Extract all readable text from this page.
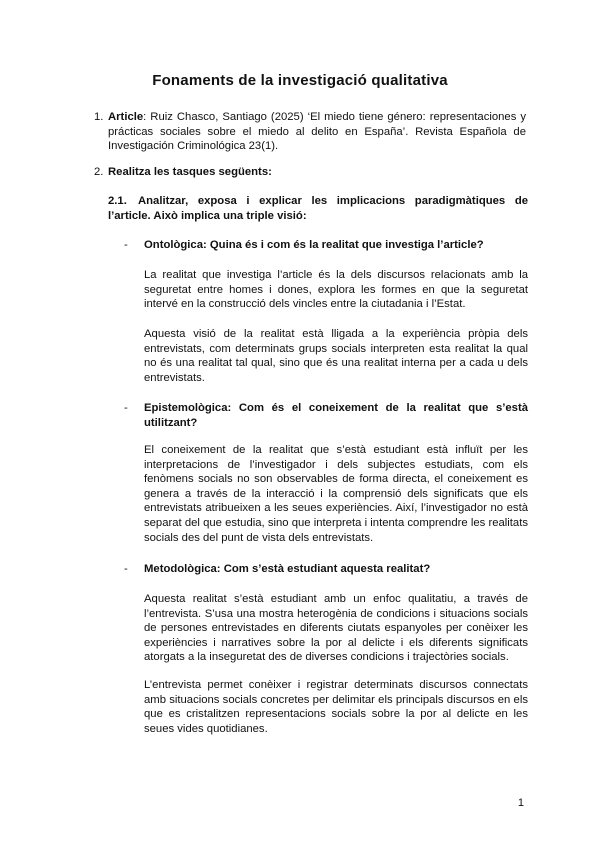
Fonaments de la investigació qualitativa
1. Article: Ruiz Chasco, Santiago (2025) ‘El miedo tiene género: representaciones y prácticas sociales sobre el miedo al delito en España’. Revista Española de Investigación Criminológica 23(1).
2. Realitza les tasques següents:
2.1. Analitzar, exposa i explicar les implicacions paradigmàtiques de l’article. Això implica una triple visió:
- Ontològica: Quina és i com és la realitat que investiga l’article?
La realitat que investiga l’article és la dels discursos relacionats amb la seguretat entre homes i dones, explora les formes en que la seguretat intervé en la construcció dels vincles entre la ciutadania i l’Estat.
Aquesta visió de la realitat està lligada a la experiència pròpia dels entrevistats, com determinats grups socials interpreten esta realitat la qual no és una realitat tal qual, sino que és una realitat interna per a cada u dels entrevistats.
- Epistemològica: Com és el coneixement de la realitat que s’està utilitzant?
El coneixement de la realitat que s’està estudiant està influït per les interpretacions de l’investigador i dels subjectes estudiats, com els fenòmens socials no son observables de forma directa, el coneixement es genera a través de la interacció i la comprensió dels significats que els entrevistats atribueixen a les seues experiències. Així, l’investigador no està separat del que estudia, sino que interpreta i intenta comprendre les realitats socials des del punt de vista dels entrevistats.
- Metodològica: Com s’està estudiant aquesta realitat?
Aquesta realitat s’està estudiant amb un enfoc qualitatiu, a través de l’entrevista. S’usa una mostra heterogènia de condicions i situacions socials de persones entrevistades en diferents ciutats espanyoles per conèixer les experiències i narratives sobre la por al delicte i els diferents significats atorgats a la inseguretat des de diverses condicions i trajectòries socials.
L’entrevista permet conèixer i registrar determinats discursos connectats amb situacions socials concretes per delimitar els principals discursos en els que es cristalitzen representacions socials sobre la por al delicte en les seues vides quotidianes.
1
